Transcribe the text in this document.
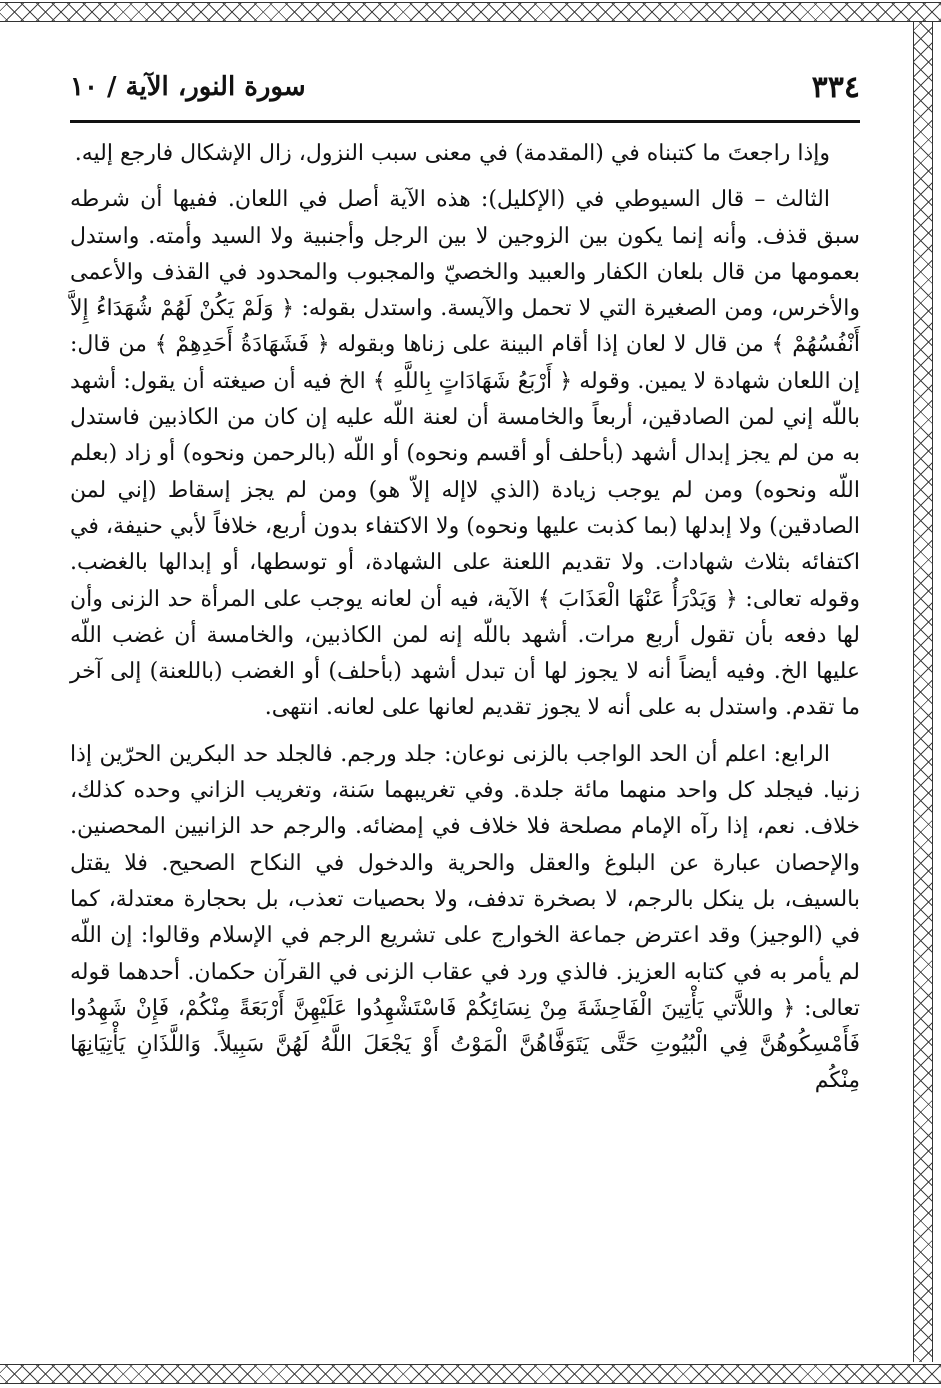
٣٣٤
سورة النور، الآية / ١٠

وإذا راجعتَ ما كتبناه في (المقدمة) في معنى سبب النزول، زال الإشكال فارجع إليه.

الثالث – قال السيوطي في (الإكليل): هذه الآية أصل في اللعان. ففيها أن شرطه سبق قذف. وأنه إنما يكون بين الزوجين لا بين الرجل وأجنبية ولا السيد وأمته. واستدل بعمومها من قال بلعان الكفار والعبيد والخصيّ والمجبوب والمحدود في القذف والأعمى والأخرس، ومن الصغيرة التي لا تحمل والآيسة. واستدل بقوله: ﴿ وَلَمْ يَكُنْ لَهُمْ شُهَدَاءُ إِلاَّ أَنْفُسُهُمْ ﴾ من قال لا لعان إذا أقام البينة على زناها وبقوله ﴿ فَشَهَادَةُ أَحَدِهِمْ ﴾ من قال: إن اللعان شهادة لا يمين. وقوله ﴿ أَرْبَعُ شَهَادَاتٍ بِاللَّهِ ﴾ الخ فيه أن صيغته أن يقول: أشهد باللّه إني لمن الصادقين، أربعاً والخامسة أن لعنة اللّه عليه إن كان من الكاذبين فاستدل به من لم يجز إبدال أشهد (بأحلف أو أقسم ونحوه) أو اللّه (بالرحمن ونحوه) أو زاد (بعلم اللّه ونحوه) ومن لم يوجب زيادة (الذي لاإله إلاّ هو) ومن لم يجز إسقاط (إني لمن الصادقين) ولا إبدلها (بما كذبت عليها ونحوه) ولا الاكتفاء بدون أربع، خلافاً لأبي حنيفة، في اكتفائه بثلاث شهادات. ولا تقديم اللعنة على الشهادة، أو توسطها، أو إبدالها بالغضب. وقوله تعالى: ﴿ وَيَدْرَأُ عَنْهَا الْعَذَابَ ﴾ الآية، فيه أن لعانه يوجب على المرأة حد الزنى وأن لها دفعه بأن تقول أربع مرات. أشهد باللّه إنه لمن الكاذبين، والخامسة أن غضب اللّه عليها الخ. وفيه أيضاً أنه لا يجوز لها أن تبدل أشهد (بأحلف) أو الغضب (باللعنة) إلى آخر ما تقدم. واستدل به على أنه لا يجوز تقديم لعانها على لعانه. انتهى.

الرابع: اعلم أن الحد الواجب بالزنى نوعان: جلد ورجم. فالجلد حد البكرين الحرّين إذا زنيا. فيجلد كل واحد منهما مائة جلدة. وفي تغريبهما سَنة، وتغريب الزاني وحده كذلك، خلاف. نعم، إذا رآه الإمام مصلحة فلا خلاف في إمضائه. والرجم حد الزانيين المحصنين. والإحصان عبارة عن البلوغ والعقل والحرية والدخول في النكاح الصحيح. فلا يقتل بالسيف، بل ينكل بالرجم، لا بصخرة تدفف، ولا بحصيات تعذب، بل بحجارة معتدلة، كما في (الوجيز) وقد اعترض جماعة الخوارج على تشريع الرجم في الإسلام وقالوا: إن اللّه لم يأمر به في كتابه العزيز. فالذي ورد في عقاب الزنى في القرآن حكمان. أحدهما قوله تعالى: ﴿ واللاَّتي يَأْتِينَ الْفَاحِشَةَ مِنْ نِسَائِكُمْ فَاسْتَشْهِدُوا عَلَيْهِنَّ أَرْبَعَةً مِنْكُمْ، فَإِنْ شَهِدُوا فَأَمْسِكُوهُنَّ فِي الْبُيُوتِ حَتَّى يَتَوَفَّاهُنَّ الْمَوْتُ أَوْ يَجْعَلَ اللَّهُ لَهُنَّ سَبِيلاً. وَاللَّذَانِ يَأْتِيَانِهَا مِنْكُم
